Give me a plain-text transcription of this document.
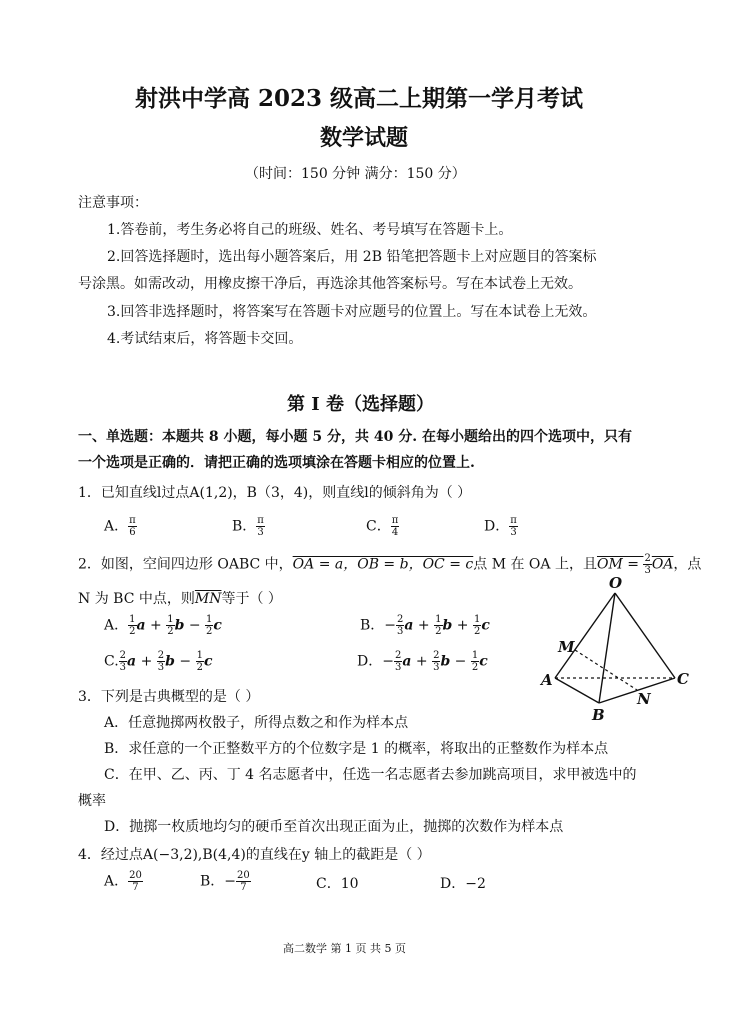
射洪中学高 2023 级高二上期第一学月考试
数学试题
（时间：150 分钟 满分：150 分）
注意事项：
1.答卷前，考生务必将自己的班级、姓名、考号填写在答题卡上。
2.回答选择题时，选出每小题答案后，用 2B 铅笔把答题卡上对应题目的答案标
号涂黑。如需改动，用橡皮擦干净后，再选涂其他答案标号。写在本试卷上无效。
3.回答非选择题时，将答案写在答题卡对应题号的位置上。写在本试卷上无效。
4.考试结束后，将答题卡交回。
第 I 卷（选择题）
一、单选题：本题共 8 小题，每小题 5 分，共 40 分. 在每小题给出的四个选项中，只有
一个选项是正确的．请把正确的选项填涂在答题卡相应的位置上.
1．已知直线l过点A(1,2)，B（3，4)，则直线l的倾斜角为（ ）
A． $\frac{\pi}{6}$	B． $\frac{\pi}{3}$	C． $\frac{\pi}{4}$	D． $\frac{\pi}{3}$
2．如图，空间四边形 OABC 中，OA = a，OB = b，OC = c点 M 在 OA 上，且OM = $\frac{2}{3} \overline{OA}$，点
N 为 BC 中点，则$\overline{MN}$等于（ ）
A． $\frac{1}{2}$ $a + \frac{1}{2}$ $b - \frac{1}{2}$ c	B．− $\frac{2}{3}$ $a + \frac{1}{2}$ $b + \frac{1}{2}$ c
C. $\frac{2}{3}$ $a + \frac{2}{3}$ $b - \frac{1}{2}$ c	D．− $\frac{2}{3}$ $a + \frac{2}{3}$ $b - \frac{1}{2}$ c
O
M
A
B
C
N
3．下列是古典概型的是（ ）
A．任意抛掷两枚骰子，所得点数之和作为样本点
B．求任意的一个正整数平方的个位数字是 1 的概率，将取出的正整数作为样本点
C．在甲、乙、丙、丁 4 名志愿者中，任选一名志愿者去参加跳高项目，求甲被选中的
概率
D．抛掷一枚质地均匀的硬币至首次出现正面为止，抛掷的次数作为样本点
4．经过点A(−3,2),B(4,4)的直线在y 轴上的截距是（ ）
A． $\frac{20}{7}$	B．− $\frac{20}{7}$	C．10	D．−2
高二数学 第 1 页 共 5 页
